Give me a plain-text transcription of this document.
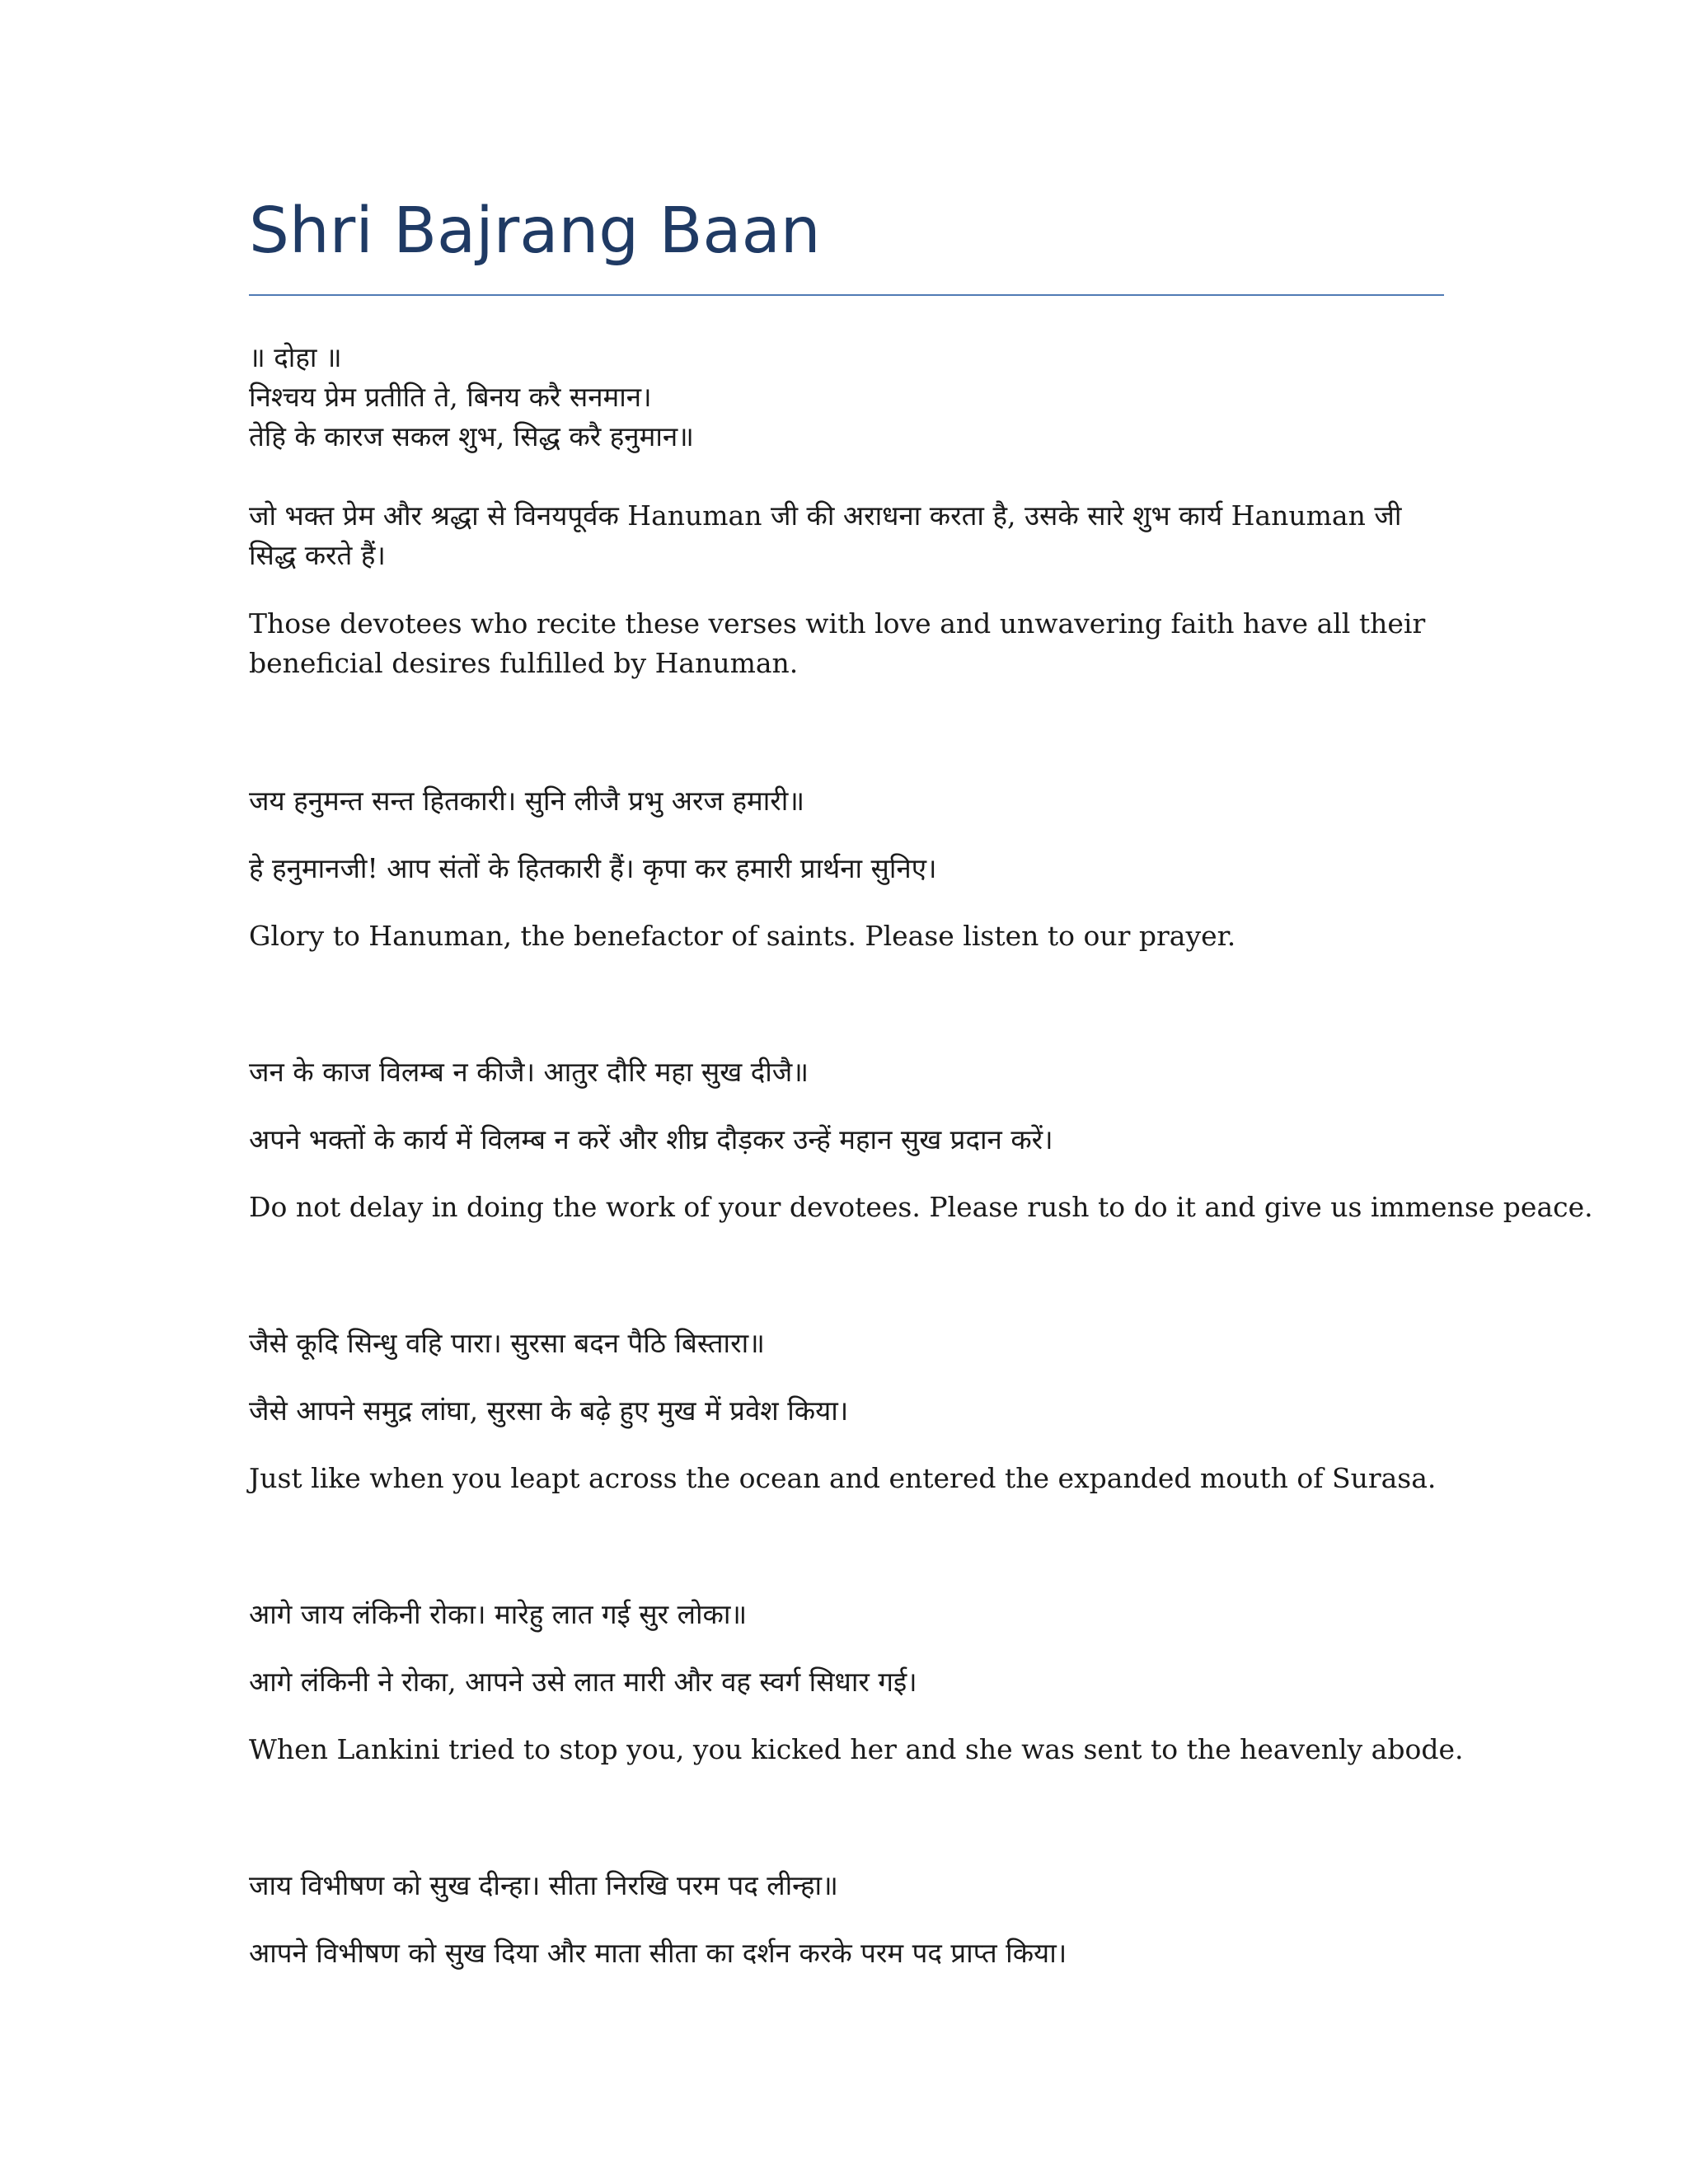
Shri Bajrang Baan
॥ दोहा ॥
निश्चय प्रेम प्रतीति ते, बिनय करै सनमान।
तेहि के कारज सकल शुभ, सिद्ध करै हनुमान॥

जो भक्त प्रेम और श्रद्धा से विनयपूर्वक Hanuman जी की अराधना करता है, उसके सारे शुभ कार्य Hanuman जी सिद्ध करते हैं।

Those devotees who recite these verses with love and unwavering faith have all their beneficial desires fulfilled by Hanuman.

जय हनुमन्त सन्त हितकारी। सुनि लीजै प्रभु अरज हमारी॥
हे हनुमानजी! आप संतों के हितकारी हैं। कृपा कर हमारी प्रार्थना सुनिए।
Glory to Hanuman, the benefactor of saints. Please listen to our prayer.
जन के काज विलम्ब न कीजै। आतुर दौरि महा सुख दीजै॥
अपने भक्तों के कार्य में विलम्ब न करें और शीघ्र दौड़कर उन्हें महान सुख प्रदान करें।
Do not delay in doing the work of your devotees. Please rush to do it and give us immense peace.
जैसे कूदि सिन्धु वहि पारा। सुरसा बदन पैठि बिस्तारा॥
जैसे आपने समुद्र लांघा, सुरसा के बढ़े हुए मुख में प्रवेश किया।
Just like when you leapt across the ocean and entered the expanded mouth of Surasa.
आगे जाय लंकिनी रोका। मारेहु लात गई सुर लोका॥
आगे लंकिनी ने रोका, आपने उसे लात मारी और वह स्वर्ग सिधार गई।
When Lankini tried to stop you, you kicked her and she was sent to the heavenly abode.
जाय विभीषण को सुख दीन्हा। सीता निरखि परम पद लीन्हा॥
आपने विभीषण को सुख दिया और माता सीता का दर्शन करके परम पद प्राप्त किया।
